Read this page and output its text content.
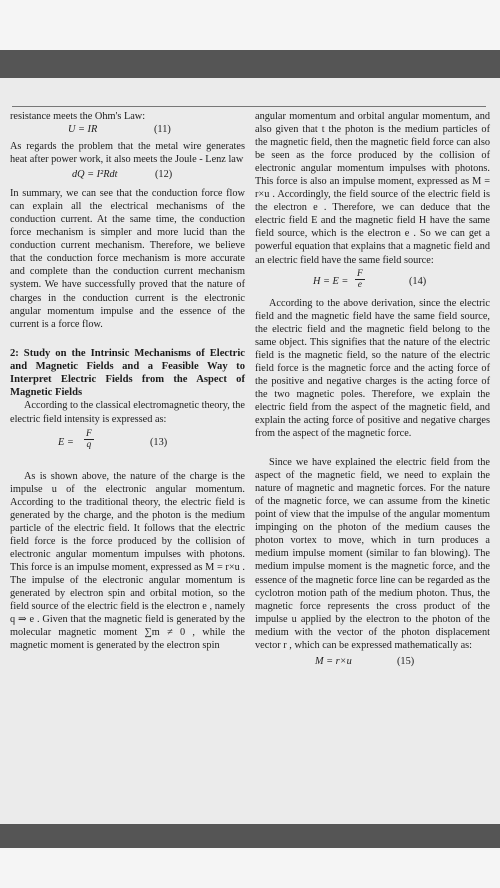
resistance meets the Ohm's Law:

U = IR	(11)

As regards the problem that the metal wire generates heat after power work, it also meets the Joule - Lenz law

dQ = I²Rdt	(12)

In summary, we can see that the conduction force flow can explain all the electrical mechanisms of the conduction current. At the same time, the conduction force mechanism is simpler and more lucid than the conduction current mechanism. Therefore, we believe that the conduction force mechanism is more accurate and complete than the conduction current mechanism system. We have successfully proved that the nature of charges in the conduction current is the electronic angular momentum impulse and the essence of the current is a force flow.

2: Study on the Intrinsic Mechanisms of Electric and Magnetic Fields and a Feasible Way to Interpret Electric Fields from the Aspect of Magnetic Fields

According to the classical electromagnetic theory, the electric field intensity is expressed as:

$E = \frac{F}{q}$	(13)

As is shown above, the nature of the charge is the impulse u of the electronic angular momentum. According to the traditional theory, the electric field is generated by the charge, and the photon is the medium particle of the electric field. It follows that the electric field force is the force produced by the collision of electronic angular momentum impulses with photons. This force is an impulse moment, expressed as M = r×u . The impulse of the electronic angular momentum is generated by electron spin and orbital motion, so the field source of the electric field is the electron e , namely q ⇒ e . Given that the magnetic field is generated by the molecular magnetic moment ∑m ≠ 0 , while the magnetic moment is generated by the electron spin

angular momentum and orbital angular momentum, and also given that t the photon is the medium particles of the magnetic field, then the magnetic field force can also be seen as the force produced by the collision of electronic angular momentum impulses with photons. This force is also an impulse moment, expressed as M = r×u . Accordingly, the field source of the electric field is the electron e . Therefore, we can deduce that the electric field E and the magnetic field H have the same field source, which is the electron e . So we can get a powerful equation that explains that a magnetic field and an electric field have the same field source:

$H = E = \frac{F}{e}$	(14)

According to the above derivation, since the electric field and the magnetic field have the same field source, the electric field and the magnetic field belong to the same object. This signifies that the nature of the electric field is the magnetic field, so the nature of the electric field force is the magnetic force and the acting force of the positive and negative charges is the acting force of the two magnetic poles. Therefore, we explain the electric field from the aspect of the magnetic field, and explain the acting force of positive and negative charges from the aspect of the magnetic force.

Since we have explained the electric field from the aspect of the magnetic field, we need to explain the nature of magnetic and magnetic forces. For the nature of the magnetic force, we can assume from the kinetic point of view that the impulse of the angular momentum impinging on the photon of the medium causes the photon vortex to move, which in turn produces a medium impulse moment (similar to fan blowing). The medium impulse moment is the magnetic force, and the essence of the magnetic force line can be regarded as the cyclotron motion path of the medium photon. Thus, the magnetic force represents the cross product of the impulse u applied by the electron to the photon of the medium with the vector of the photon displacement vector r , which can be expressed mathematically as:

M = r×u	(15)
